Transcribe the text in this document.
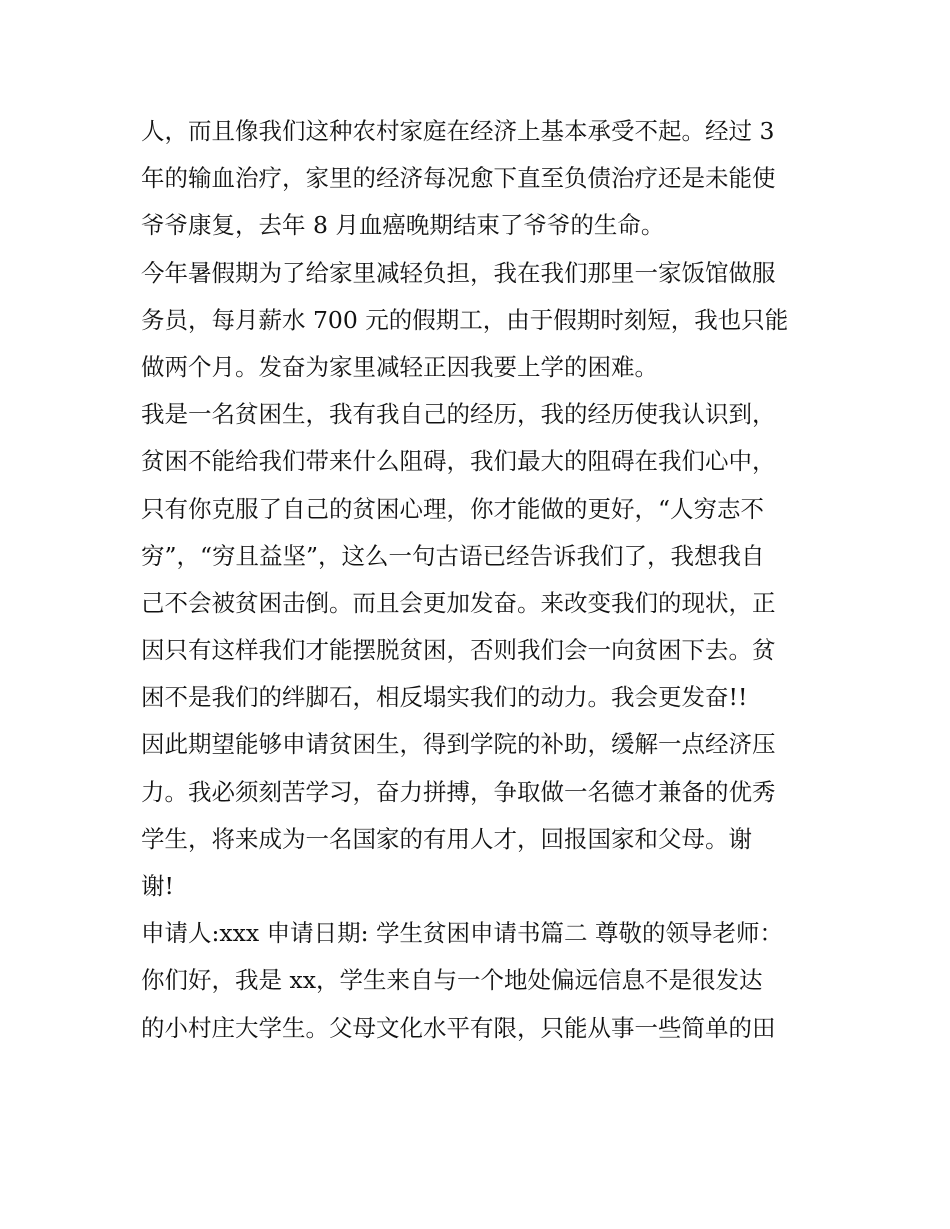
人，而且像我们这种农村家庭在经济上基本承受不起。经过 3
年的输血治疗，家里的经济每况愈下直至负债治疗还是未能使
爷爷康复，去年 8 月血癌晚期结束了爷爷的生命。
今年暑假期为了给家里减轻负担，我在我们那里一家饭馆做服
务员，每月薪水 700 元的假期工，由于假期时刻短，我也只能
做两个月。发奋为家里减轻正因我要上学的困难。
我是一名贫困生，我有我自己的经历，我的经历使我认识到，
贫困不能给我们带来什么阻碍，我们最大的阻碍在我们心中，
只有你克服了自己的贫困心理，你才能做的更好，“人穷志不
穷”，“穷且益坚”，这么一句古语已经告诉我们了，我想我自
己不会被贫困击倒。而且会更加发奋。来改变我们的现状，正
因只有这样我们才能摆脱贫困，否则我们会一向贫困下去。贫
困不是我们的绊脚石，相反塌实我们的动力。我会更发奋!!
因此期望能够申请贫困生，得到学院的补助，缓解一点经济压
力。我必须刻苦学习，奋力拼搏，争取做一名德才兼备的优秀
学生，将来成为一名国家的有用人才，回报国家和父母。谢
谢!
申请人:xxx 申请日期: 学生贫困申请书篇二 尊敬的领导老师：
你们好，我是 xx，学生来自与一个地处偏远信息不是很发达
的小村庄大学生。父母文化水平有限，只能从事一些简单的田
